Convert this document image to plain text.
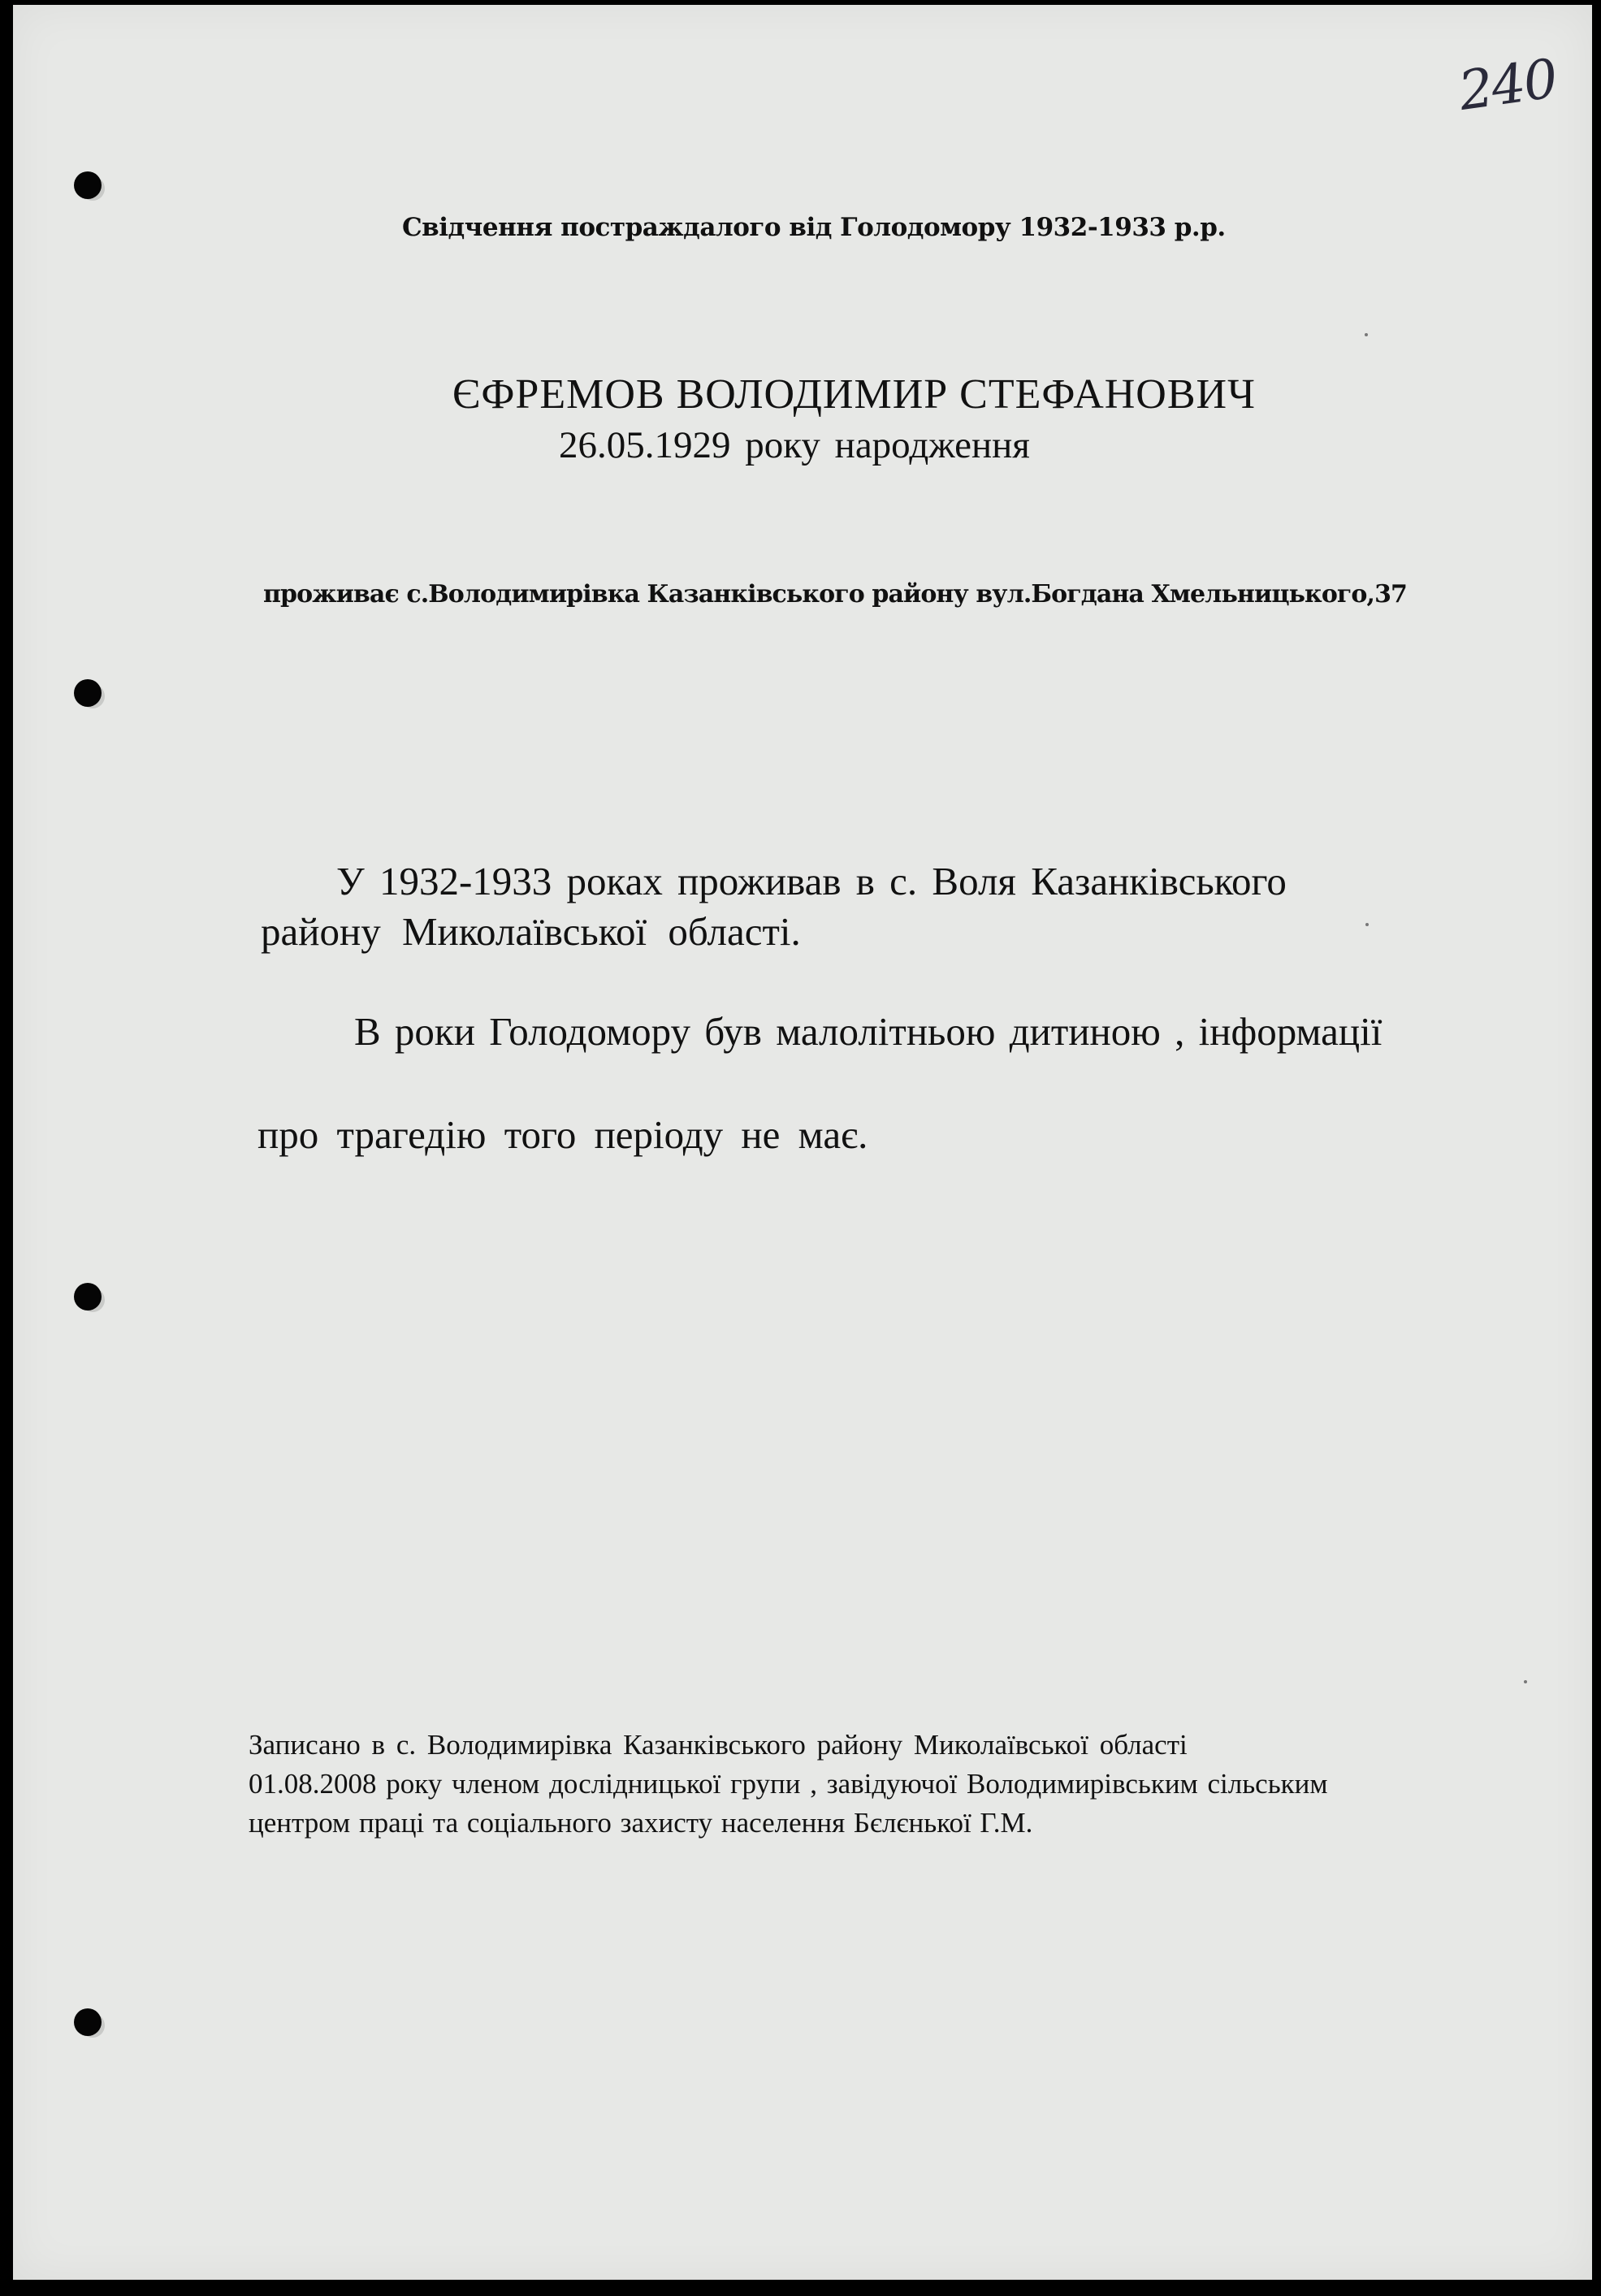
240

Свідчення постраждалого від Голодомору 1932-1933 р.р.

ЄФРЕМОВ ВОЛОДИМИР СТЕФАНОВИЧ

26.05.1929 року народження

проживає с.Володимирівка Казанківського району вул.Богдана Хмельницького,37

У 1932-1933 роках проживав в с. Воля Казанківського

району Миколаївської області.

В роки Голодомору був малолітньою дитиною , інформації

про трагедію того періоду не має.

Записано в с. Володимирівка Казанківського району Миколаївської області

01.08.2008 року членом дослідницької групи , завідуючої Володимирівським сільським

центром праці та соціального захисту населення Бєлєнької Г.М.
